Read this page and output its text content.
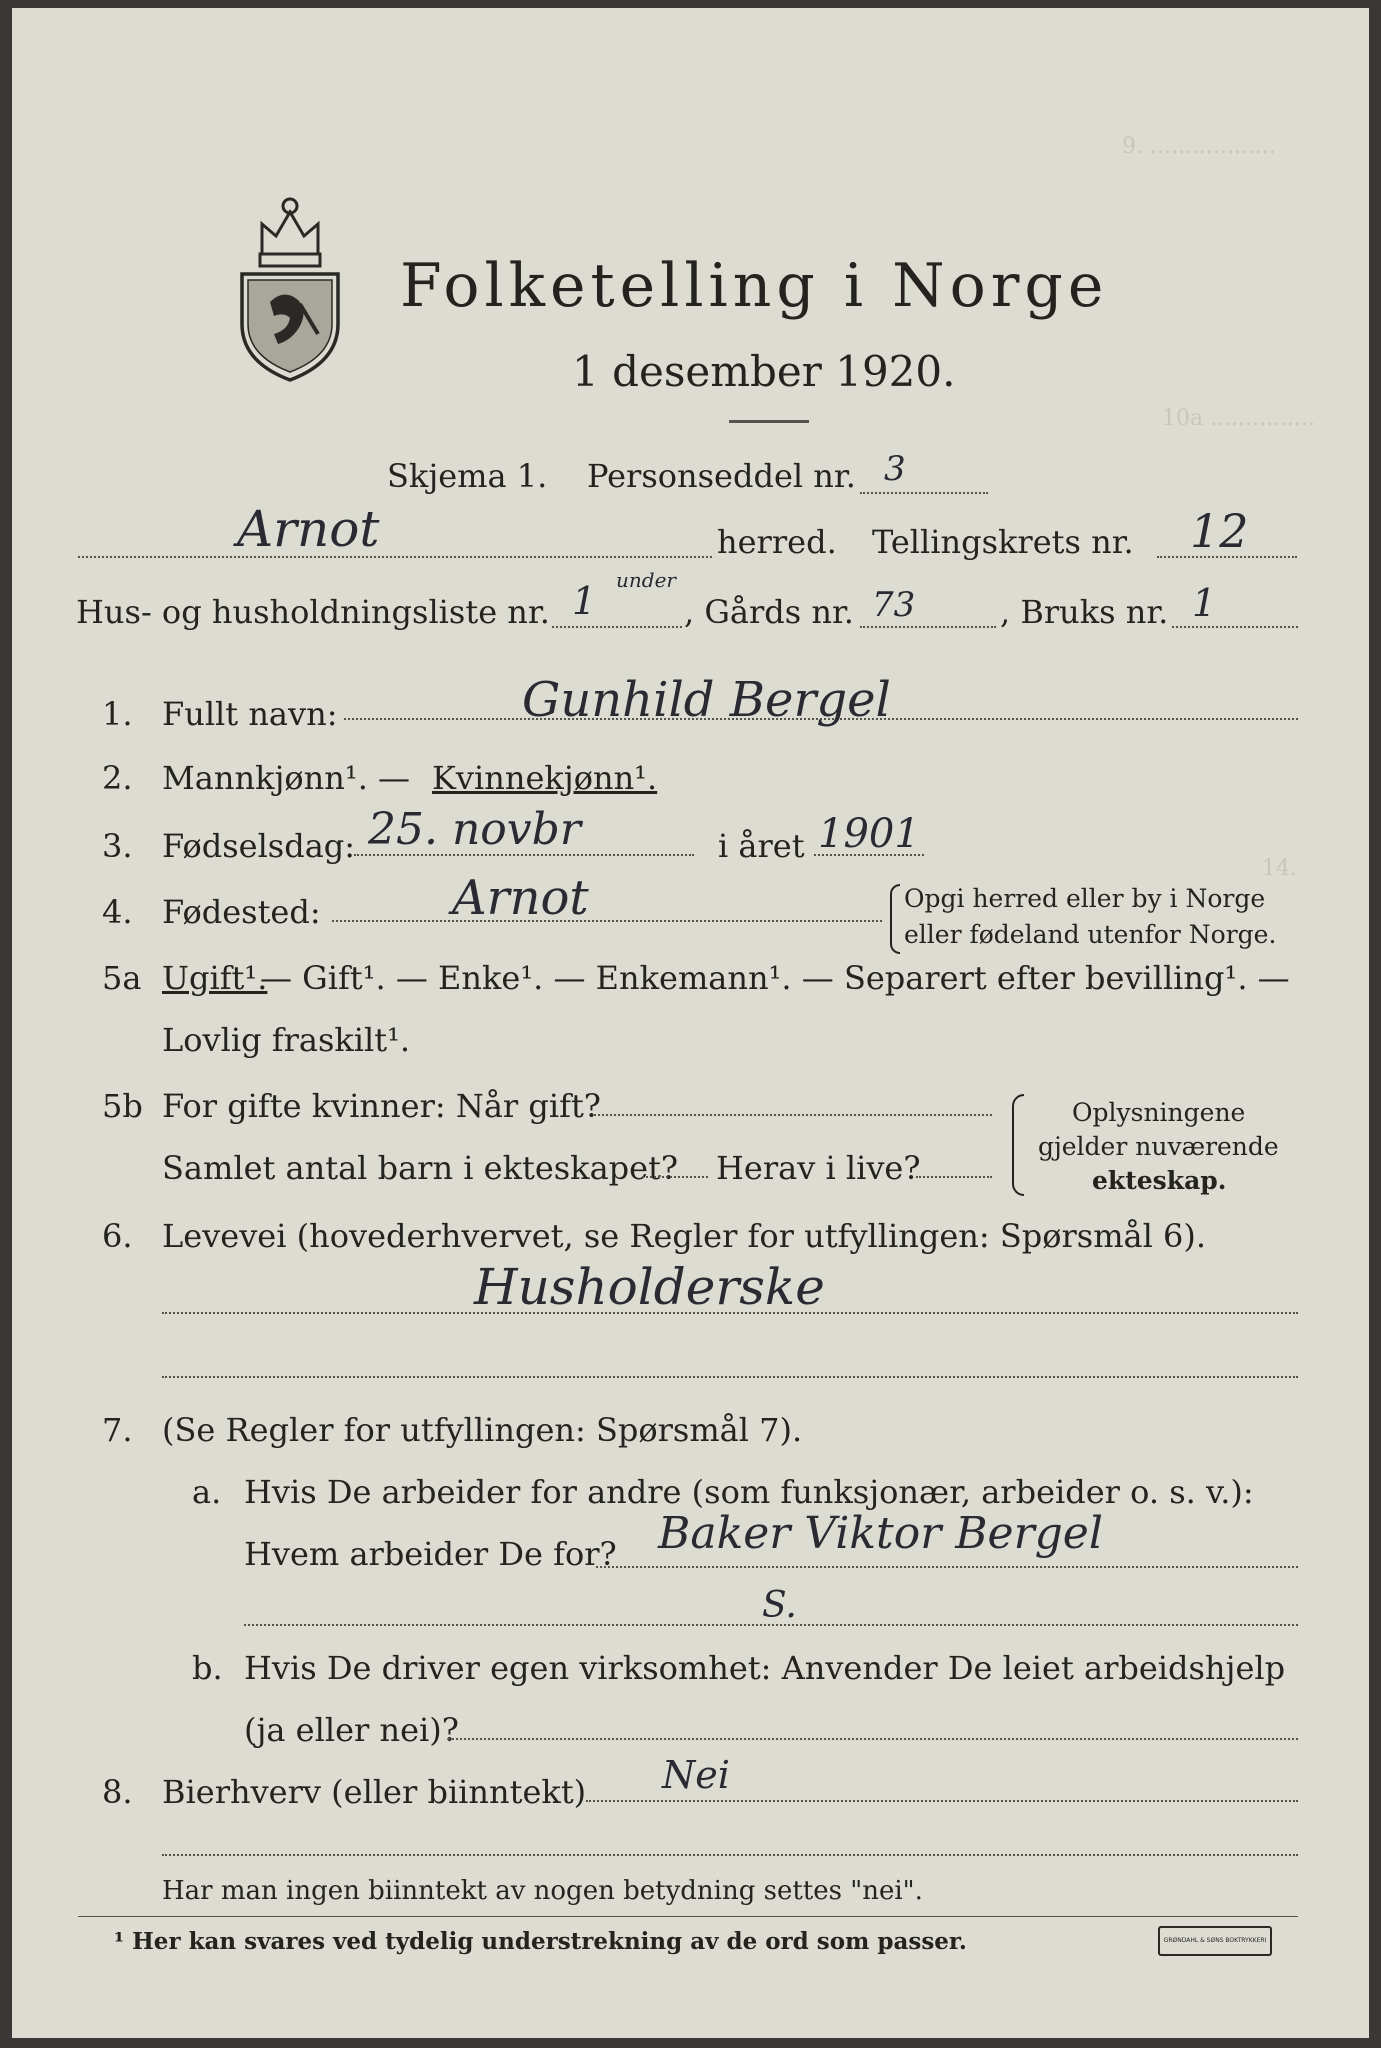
9. ..................
10a ...............
14.
Folketelling i Norge
1 desember 1920.
Skjema 1. Personseddel nr. 3
Arnot	herred. Tellingskrets nr. 12
Hus- og husholdningsliste nr. 1 under
, Gårds nr. 73	, Bruks nr. 1
1. Fullt navn:	Gunhild Bergel
2. Mannkjønn¹. — Kvinnekjønn¹.
3. Fødselsdag: 25. novbr	i året 1901
4. Fødested:	Arnot	Opgi herred eller by i Norge
eller fødeland utenfor Norge.
5a Ugift¹.
— Gift¹. — Enke¹. — Enkemann¹. — Separert efter bevilling¹. —
Lovlig fraskilt¹.
5b For gifte kvinner: Når gift?
Samlet antal barn i ekteskapet? Herav i live?
Oplysningene
gjelder nuværende
ekteskap.
6. Levevei (hovederhvervet, se Regler for utfyllingen: Spørsmål 6).
Husholderske
7. (Se Regler for utfyllingen: Spørsmål 7).
a. Hvis De arbeider for andre (som funksjonær, arbeider o. s. v.):
Hvem arbeider De for? Baker Viktor Bergel
S.
b. Hvis De driver egen virksomhet: Anvender De leiet arbeidshjelp
(ja eller nei)?
8. Bierhverv (eller biinntekt) Nei
Har man ingen biinntekt av nogen betydning settes "nei".
¹ Her kan svares ved tydelig understrekning av de ord som passer.	GRØNDAHL & SØNS BOKTRYKKERI
